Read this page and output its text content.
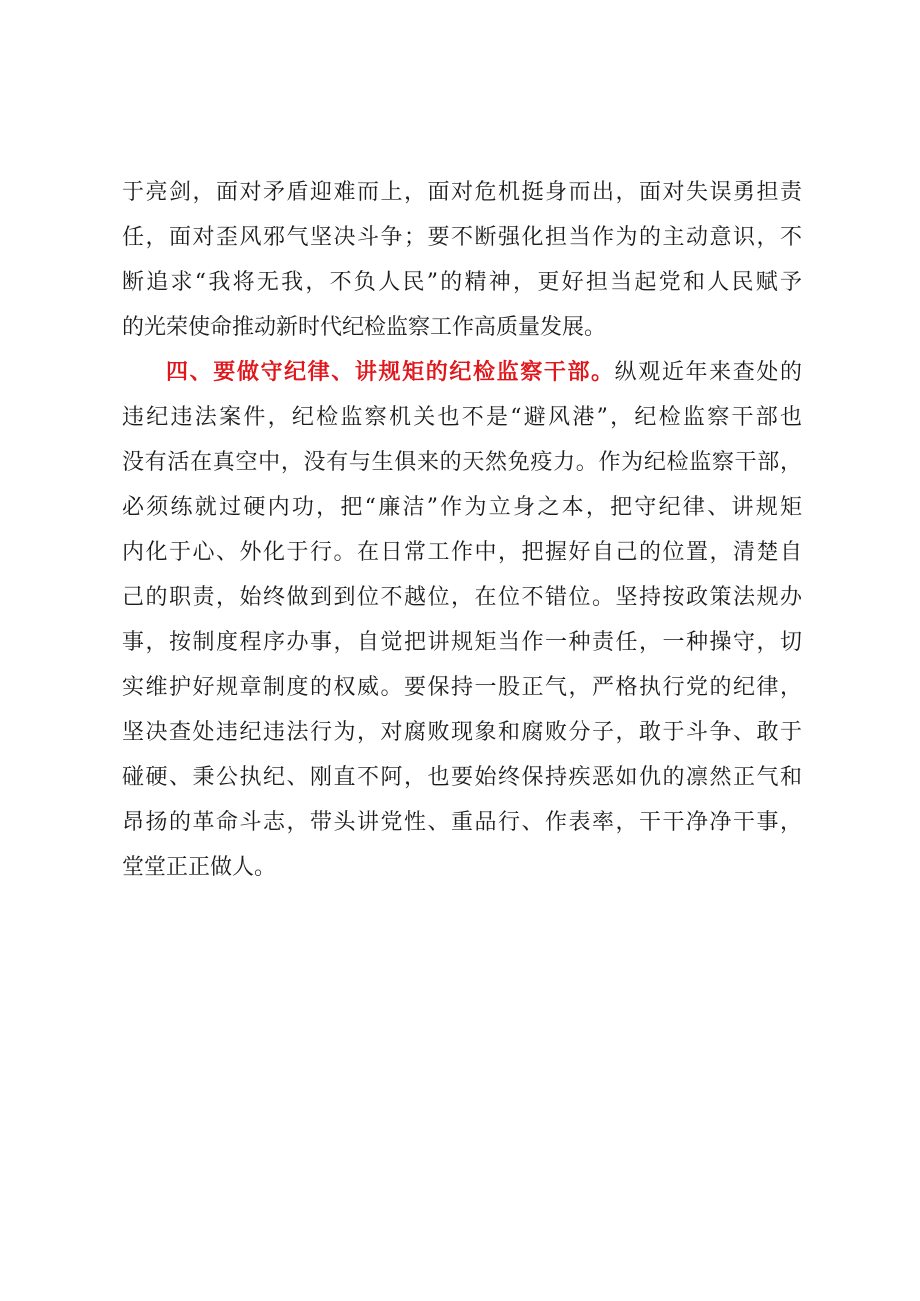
于亮剑，面对矛盾迎难而上，面对危机挺身而出，面对失误勇担责
任，面对歪风邪气坚决斗争；要不断强化担当作为的主动意识，不
断追求“我将无我，不负人民”的精神，更好担当起党和人民赋予
的光荣使命推动新时代纪检监察工作高质量发展。
四、要做守纪律、讲规矩的纪检监察干部。纵观近年来查处的
违纪违法案件，纪检监察机关也不是“避风港”，纪检监察干部也
没有活在真空中，没有与生俱来的天然免疫力。作为纪检监察干部，
必须练就过硬内功，把“廉洁”作为立身之本，把守纪律、讲规矩
内化于心、外化于行。在日常工作中，把握好自己的位置，清楚自
己的职责，始终做到到位不越位，在位不错位。坚持按政策法规办
事，按制度程序办事，自觉把讲规矩当作一种责任，一种操守，切
实维护好规章制度的权威。要保持一股正气，严格执行党的纪律，
坚决查处违纪违法行为，对腐败现象和腐败分子，敢于斗争、敢于
碰硬、秉公执纪、刚直不阿，也要始终保持疾恶如仇的凛然正气和
昂扬的革命斗志，带头讲党性、重品行、作表率，干干净净干事，
堂堂正正做人。
